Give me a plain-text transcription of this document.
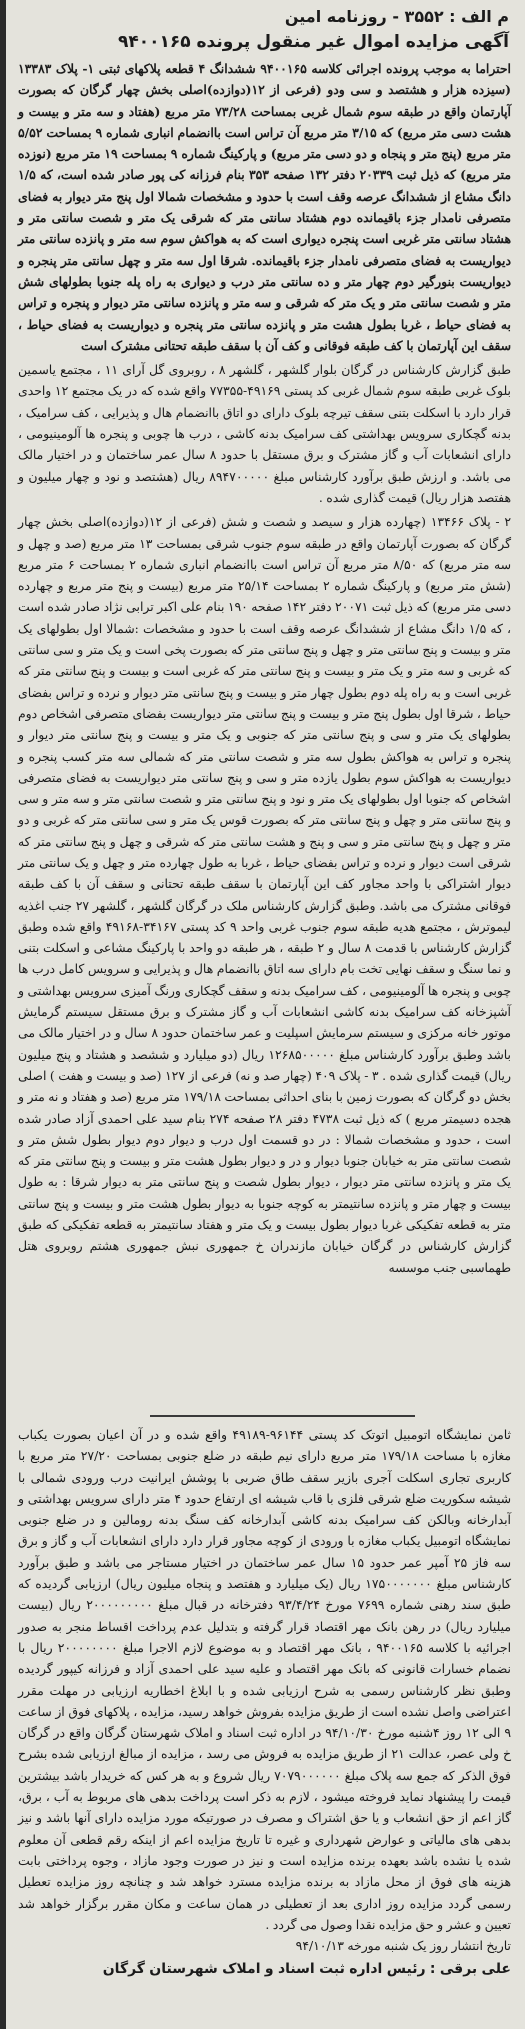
م الف : ۳۵۵۲ - روزنامه امین
آگهی مزایده اموال غیر منقول پرونده ۹۴۰۰۱۶۵

احتراما به موجب پرونده اجرائی کلاسه ۹۴۰۰۱۶۵ ششدانگ ۴ قطعه پلاکهای ثبتی ۱- پلاک ۱۳۳۸۳ (سیزده هزار و هشتصد و سی ودو (فرعی از ۱۲(دوازده)اصلی بخش چهار گرگان که بصورت آپارتمان واقع در طبقه سوم شمال غربی بمساحت ۷۳/۲۸ متر مربع (هفتاد و سه متر و بیست و هشت دسی متر مربع) که ۳/۱۵ متر مربع آن تراس است باانضمام انباری شماره ۹ بمساحت ۵/۵۲ متر مربع (پنج متر و پنجاه و دو دسی متر مربع) و پارکینگ شماره ۹ بمساحت ۱۹ متر مربع (نوزده متر مربع) که ذیل ثبت ۲۰۳۳۹ دفتر ۱۳۲ صفحه ۳۵۳ بنام فرزانه کی پور صادر شده است، که ۱/۵ دانگ مشاع از ششدانگ عرصه وقف است با حدود و مشخصات شمالا اول پنج متر دیوار به فضای متصرفی نامدار جزء باقیمانده دوم هشتاد سانتی متر که شرقی یک متر و شصت سانتی متر و هشتاد سانتی متر غربی است پنجره دیواری است که به هواکش سوم سه متر و پانزده سانتی متر دیواریست به فضای متصرفی نامدار جزء باقیمانده. شرقا اول سه متر و چهل سانتی متر پنجره و دیواریست بنورگیر دوم چهار متر و ده سانتی متر درب و دیواری به راه پله جنوبا بطولهای شش متر و شصت سانتی متر و یک متر که شرقی و سه متر و پانزده سانتی متر دیوار و پنجره و تراس به فضای حیاط ، غربا بطول هشت متر و پانزده سانتی متر پنجره و دیواریست به فضای حیاط ، سقف این آپارتمان با کف طبقه فوقانی و کف آن با سقف طبقه تحتانی مشترک است

طبق گزارش کارشناس در گرگان بلوار گلشهر ، گلشهر ۸ ، روبروی گل آرای ۱۱ ، مجتمع یاسمین بلوک غربی طبقه سوم شمال غربی کد پستی ۴۹۱۶۹-۷۷۳۵۵ واقع شده که در یک مجتمع ۱۲ واحدی قرار دارد با اسکلت بتنی سقف تیرچه بلوک دارای دو اتاق باانضمام هال و پذیرایی ، کف سرامیک ، بدنه گچکاری سرویس بهداشتی کف سرامیک بدنه کاشی ، درب ها چوبی و پنجره ها آلومینیومی ، دارای انشعابات آب و گاز مشترک و برق مستقل با حدود ۸ سال عمر ساختمان و در اختیار مالک می باشد. و ارزش طبق برآورد کارشناس مبلغ ۸۹۴۷۰۰۰۰۰ ریال (هشتصد و نود و چهار میلیون و هفتصد هزار ریال) قیمت گذاری شده .

۲ - پلاک ۱۳۴۶۶ (چهارده هزار و سیصد و شصت و شش (فرعی از ۱۲(دوازده)اصلی بخش چهار گرگان که بصورت آپارتمان واقع در طبقه سوم جنوب شرقی بمساحت ۱۳ متر مربع (صد و چهل و سه متر مربع) که ۸/۵۰ متر مربع آن تراس است باانضمام انباری شماره ۲ بمساحت ۶ متر مربع (شش متر مربع) و پارکینگ شماره ۲ بمساحت ۲۵/۱۴ متر مربع (بیست و پنج متر مربع و چهارده دسی متر مربع) که ذیل ثبت ۲۰۰۷۱ دفتر ۱۴۲ صفحه ۱۹۰ بنام علی اکبر ترابی نژاد صادر شده است ، که ۱/۵ دانگ مشاع از ششدانگ عرصه وقف است با حدود و مشخصات :شمالا اول بطولهای یک متر و بیست و پنج سانتی متر و چهل و پنج سانتی متر که بصورت پخی است و یک متر و سی سانتی که غربی و سه متر و یک متر و بیست و پنج سانتی متر که غربی است و بیست و پنج سانتی متر که غربی است و به راه پله دوم بطول چهار متر و بیست و پنج سانتی متر دیوار و نرده و تراس بفضای حیاط ، شرقا اول بطول پنج متر و بیست و پنج سانتی متر دیواریست بفضای متصرفی اشخاص دوم بطولهای یک متر و سی و پنج سانتی متر که جنوبی و یک متر و بیست و پنج سانتی متر دیوار و پنجره و تراس به هواکش بطول سه متر و شصت سانتی متر که شمالی سه متر کسب پنجره و دیواریست به هواکش سوم بطول یازده متر و سی و پنج سانتی متر دیواریست به فضای متصرفی اشخاص که جنوبا اول بطولهای یک متر و نود و پنج سانتی متر و شصت سانتی متر و سه متر و سی و پنج سانتی متر و چهل و پنج سانتی متر که بصورت قوس یک متر و سی سانتی متر که غربی و دو متر و چهل و پنج سانتی متر و سی و پنج و هشت سانتی متر که شرقی و چهل و پنج سانتی متر که شرقی است دیوار و نرده و تراس بفضای حیاط ، غربا به طول چهارده متر و چهل و یک سانتی متر دیوار اشتراکی با واحد مجاور کف این آپارتمان با سقف طبقه تحتانی و سقف آن با کف طبقه فوقانی مشترک می باشد. وطبق گزارش کارشناس ملک در گرگان گلشهر ، گلشهر ۲۷ جنب اغذیه لیموترش ، مجتمع هدیه طبقه سوم جنوب غربی واحد ۹ کد پستی ۳۴۱۶۷-۴۹۱۶۸ واقع شده وطبق گزارش کارشناس با قدمت ۸ سال و ۲ طبقه ، هر طبقه دو واحد با پارکینگ مشاعی و اسکلت بتنی و نما سنگ و سقف نهایی تخت بام دارای سه اتاق باانضمام هال و پذیرایی و سرویس کامل درب ها چوبی و پنجره ها آلومینیومی ، کف سرامیک بدنه و سقف گچکاری ورنگ آمیزی سرویس بهداشتی و آشپزخانه کف سرامیک بدنه کاشی انشعابات آب و گاز مشترک و برق مستقل سیستم گرمایش موتور خانه مرکزی و سیستم سرمایش اسپلیت و عمر ساختمان حدود ۸ سال و در اختیار مالک می باشد وطبق برآورد کارشناس مبلغ ۱۲۶۸۵۰۰۰۰۰ ریال (دو میلیارد و ششصد و هشتاد و پنج میلیون ریال) قیمت گذاری شده . ۳ - پلاک ۴۰۹ (چهار صد و نه) فرعی از ۱۲۷ (صد و بیست و هفت ) اصلی بخش دو گرگان که بصورت زمین با بنای احداثی بمساحت ۱۷۹/۱۸ متر مربع (صد و هفتاد و نه متر و هجده دسیمتر مربع ) که ذیل ثبت ۴۷۳۸ دفتر ۲۸ صفحه ۲۷۴ بنام سید علی احمدی آزاد صادر شده است ، حدود و مشخصات شمالا : در دو قسمت اول درب و دیوار دوم دیوار بطول شش متر و شصت سانتی متر به خیابان جنوبا دیوار و در و دیوار بطول هشت متر و بیست و پنج سانتی متر که یک متر و پانزده سانتی متر دیوار ، دیوار بطول شصت و پنج سانتی متر به دیوار شرقا : به طول بیست و چهار متر و پانزده سانتیمتر به کوچه جنوبا به دیوار بطول هشت متر و بیست و پنج سانتی متر به قطعه تفکیکی غربا دیوار بطول بیست و یک متر و هفتاد سانتیمتر به قطعه تفکیکی که طبق گزارش کارشناس در گرگان خیابان مازندران خ جمهوری نبش جمهوری هشتم روبروی هتل طهماسبی جنب موسسه

ثامن نمایشگاه اتومبیل اتوتک کد پستی ۹۶۱۴۴-۴۹۱۸۹ واقع شده و در آن اعیان بصورت یکباب مغازه با مساحت ۱۷۹/۱۸ متر مربع دارای نیم طبقه در ضلع جنوبی بمساحت ۲۷/۲۰ متر مربع با کاربری تجاری اسکلت آجری بازیر سقف طاق ضربی با پوشش ایرانیت درب ورودی شمالی با شیشه سکوریت ضلع شرقی فلزی با قاب شیشه ای ارتفاع حدود ۴ متر دارای سرویس بهداشتی و آبدارخانه وبالکن کف سرامیک بدنه کاشی آبدارخانه کف سنگ بدنه رومالین و در ضلع جنوبی نمایشگاه اتومبیل یکباب مغازه با ورودی از کوچه مجاور قرار دارد دارای انشعابات آب و گاز و برق سه فاز ۲۵ آمپر عمر حدود ۱۵ سال عمر ساختمان در اختیار مستاجر می باشد و طبق برآورد کارشناس مبلغ ۱۷۵۰۰۰۰۰۰۰ ریال (یک میلیارد و هفتصد و پنجاه میلیون ریال) ارزیابی گردیده که طبق سند رهنی شماره ۷۶۹۹ مورخ ۹۳/۴/۲۴ دفترخانه در قبال مبلغ ۲۰۰۰۰۰۰۰۰۰ ریال (بیست میلیارد ریال) در رهن بانک مهر اقتصاد قرار گرفته و بتدلیل عدم پرداخت اقساط منجر به صدور اجرائیه با کلاسه ۹۴۰۰۱۶۵ ، بانک مهر اقتصاد و به موضوع لازم الاجرا مبلغ ۲۰۰۰۰۰۰۰۰ ریال با نضمام خسارات قانونی که بانک مهر اقتصاد و علیه سید علی احمدی آزاد و فرزانه کیپور گردیده وطبق نظر کارشناس رسمی به شرح ارزیابی شده و با ابلاغ اخطاریه ارزیابی در مهلت مقرر اعتراضی واصل نشده است از طریق مزایده بفروش خواهد رسید، مزایده ، پلاکهای فوق از ساعت ۹ الی ۱۲ روز ۴شنبه مورخ ۹۴/۱۰/۳۰ در اداره ثبت اسناد و املاک شهرستان گرگان واقع در گرگان خ ولی عصر، عدالت ۲۱ از طریق مزایده به فروش می رسد ، مزایده از مبالغ ارزیابی شده بشرح فوق الذکر که جمع سه پلاک مبلغ ۷۰۷۹۰۰۰۰۰۰ ریال شروع و به هر کس که خریدار باشد بیشترین قیمت را پیشنهاد نماید فروخته میشود ، لازم به ذکر است پرداخت بدهی های مربوط به آب ، برق، گاز اعم از حق انشعاب و یا حق اشتراک و مصرف در صورتیکه مورد مزایده دارای آنها باشد و نیز بدهی های مالیاتی و عوارض شهرداری و غیره تا تاریخ مزایده اعم از اینکه رقم قطعی آن معلوم شده یا نشده باشد بعهده برنده مزایده است و نیز در صورت وجود مازاد ، وجوه پرداختی بابت هزینه های فوق از محل مازاد به برنده مزایده مسترد خواهد شد و چنانچه روز مزایده تعطیل رسمی گردد مزایده روز اداری بعد از تعطیلی در همان ساعت و مکان مقرر برگزار خواهد شد تعیین و عشر و حق مزایده نقدا وصول می گردد .

تاریخ انتشار روز یک شنبه مورخه ۹۴/۱۰/۱۳

علی برقی : رئیس اداره ثبت اسناد و املاک شهرستان گرگان
